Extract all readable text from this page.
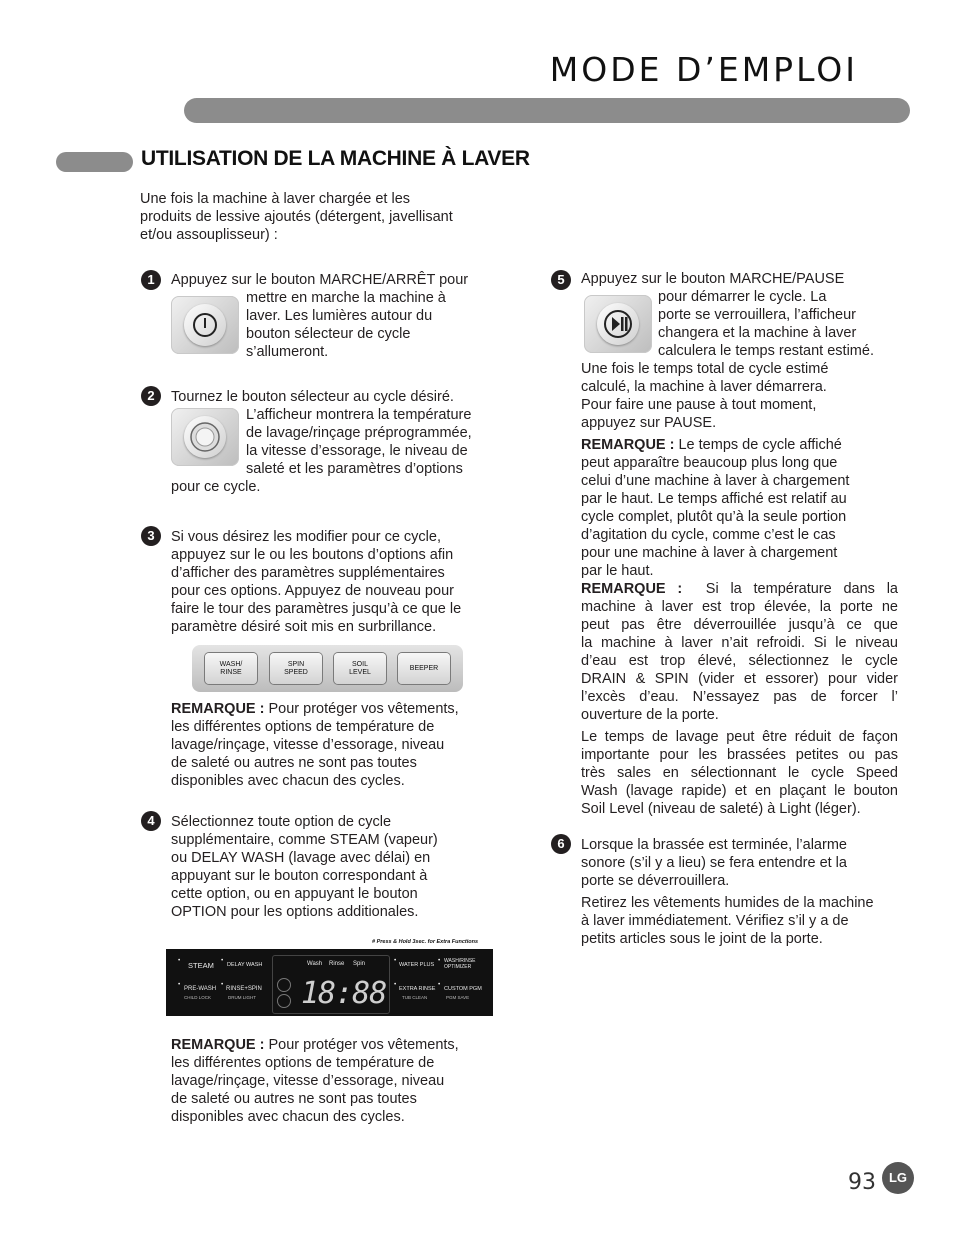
MODE D’EMPLOI
UTILISATION DE LA MACHINE À LAVER

Une fois la machine à laver chargée et les

produits de lessive ajoutés (détergent, javellisant

et/ou assouplisseur) :

1	Appuyez sur le bouton MARCHE/ARRÊT pour

mettre en marche la machine à

laver. Les lumières autour du

bouton sélecteur de cycle

s’allumeront.

2	Tournez le bouton sélecteur au cycle désiré.

L’afficheur montrera la température

de lavage/rinçage préprogrammée,

la vitesse d’essorage, le niveau de

saleté et les paramètres d’options

pour ce cycle.

3	Si vous désirez les modifier pour ce cycle,

appuyez sur le ou les boutons d’options afin

d’afficher des paramètres supplémentaires

pour ces options. Appuyez de nouveau pour

faire le tour des paramètres jusqu’à ce que le

paramètre désiré soit mis en surbrillance.

WASH/
RINSE
SPIN
SPEED
SOIL
LEVEL
BEEPER

REMARQUE : Pour protéger vos vêtements,

les différentes options de température de

lavage/rinçage, vitesse d’essorage, niveau

de saleté ou autres ne sont pas toutes

disponibles avec chacun des cycles.

4	Sélectionnez toute option de cycle

supplémentaire, comme STEAM (vapeur)

ou DELAY WASH (lavage avec délai) en

appuyant sur le bouton correspondant à

cette option, ou en appuyant le bouton

OPTION pour les options additionales.

# Press & Hold 3sec. for Extra Functions
•
STEAM
•
DELAY WASH
•
PRE-WASH
CHILD LOCK
•
RINSE+SPIN
DRUM LIGHT
Wash Rinse Spin
18:88
•
WATER PLUS
• WASH/RINSE OPTIMIZER
•
EXTRA RINSE
TUB CLEAN
•
CUSTOM PGM
PGM SAVE

REMARQUE : Pour protéger vos vêtements,

les différentes options de température de

lavage/rinçage, vitesse d’essorage, niveau

de saleté ou autres ne sont pas toutes

disponibles avec chacun des cycles.

5	Appuyez sur le bouton MARCHE/PAUSE

pour démarrer le cycle. La

porte se verrouillera, l’afficheur

changera et la machine à laver

calculera le temps restant estimé.

Une fois le temps total de cycle estimé

calculé, la machine à laver démarrera.

Pour faire une pause à tout moment,

appuyez sur PAUSE.

REMARQUE : Le temps de cycle affiché

peut apparaître beaucoup plus long que

celui d’une machine à laver à chargement

par le haut. Le temps affiché est relatif au

cycle complet, plutôt qu’à la seule portion

d’agitation du cycle, comme c’est le cas

pour une machine à laver à chargement

par le haut.

REMARQUE : Si la température dans la

machine à laver est trop élevée, la porte ne

peut pas être déverrouillée jusqu’à ce que

la machine à laver n’ait refroidi. Si le niveau

d’eau est trop élevé, sélectionnez le cycle

DRAIN & SPIN (vider et essorer) pour vider

l’excès d’eau. N’essayez pas de forcer l’

ouverture de la porte.

Le temps de lavage peut être réduit de façon

importante pour les brassées petites ou pas

très sales en sélectionnant le cycle Speed

Wash (lavage rapide) et en plaçant le bouton

Soil Level (niveau de saleté) à Light (léger).

6	Lorsque la brassée est terminée, l’alarme

sonore (s’il y a lieu) se fera entendre et la

porte se déverrouillera.

Retirez les vêtements humides de la machine

à laver immédiatement. Vérifiez s’il y a de

petits articles sous le joint de la porte.

93 LG
